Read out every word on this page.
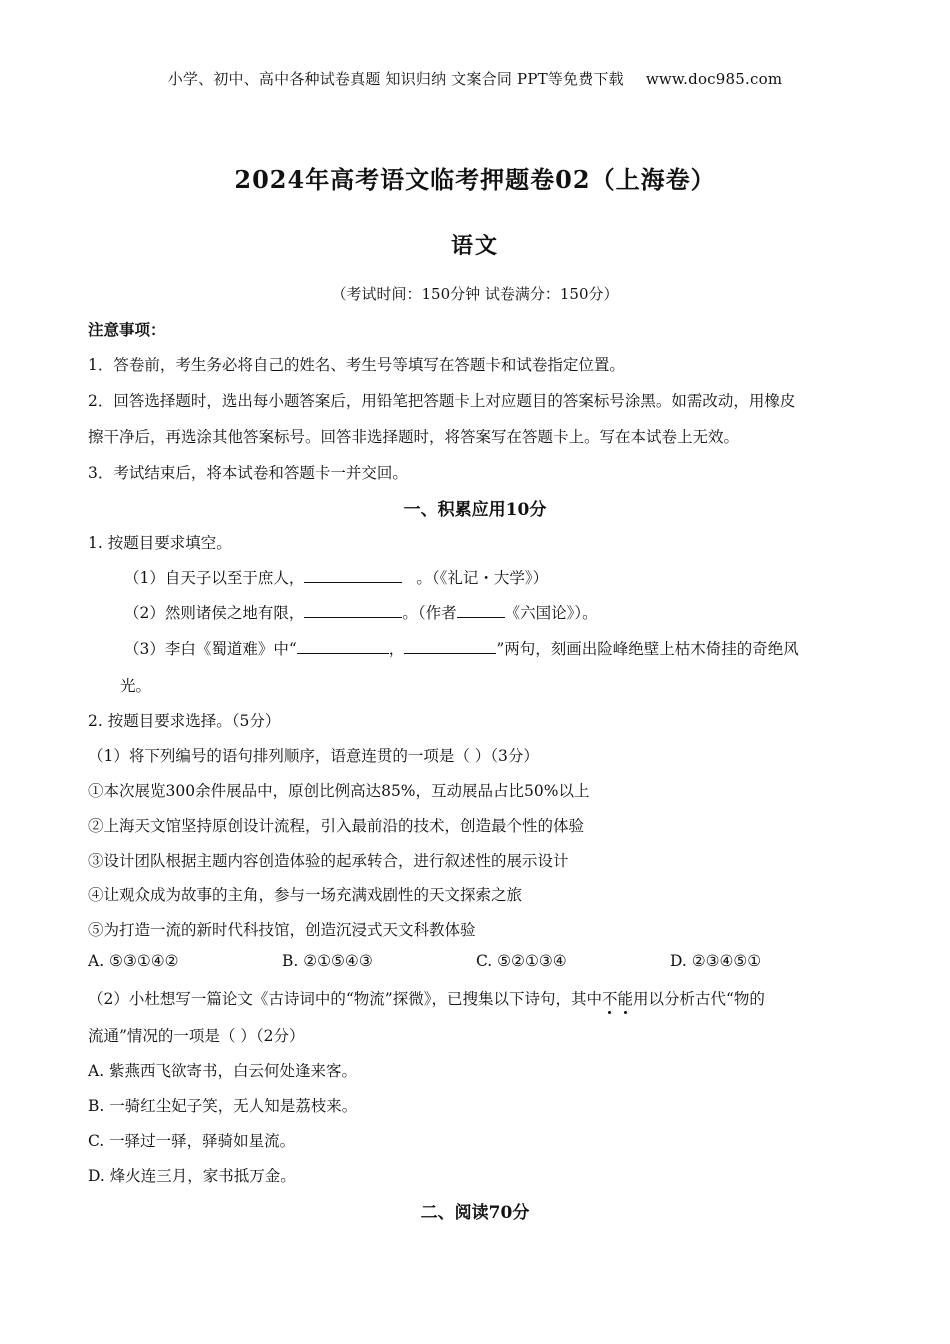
小学、初中、高中各种试卷真题 知识归纳 文案合同 PPT等免费下载 www.doc985.com
2024年高考语文临考押题卷02（上海卷）
语文
（考试时间：150分钟 试卷满分：150分）
注意事项：
1．答卷前，考生务必将自己的姓名、考生号等填写在答题卡和试卷指定位置。
2．回答选择题时，选出每小题答案后，用铅笔把答题卡上对应题目的答案标号涂黑。如需改动，用橡皮
擦干净后，再选涂其他答案标号。回答非选择题时，将答案写在答题卡上。写在本试卷上无效。
3．考试结束后，将本试卷和答题卡一并交回。
一、积累应用10分
1. 按题目要求填空。
（1）自天子以至于庶人，	。（《礼记・大学》）
（2）然则诸侯之地有限，	。（作者	《六国论》）。
（3）李白《蜀道难》中“	，	”两句，刻画出险峰绝壁上枯木倚挂的奇绝风
光。
2. 按题目要求选择。（5分）
（1）将下列编号的语句排列顺序，语意连贯的一项是（ ）（3分）
①本次展览300余件展品中，原创比例高达85%，互动展品占比50%以上
②上海天文馆坚持原创设计流程，引入最前沿的技术，创造最个性的体验
③设计团队根据主题内容创造体验的起承转合，进行叙述性的展示设计
④让观众成为故事的主角，参与一场充满戏剧性的天文探索之旅
⑤为打造一流的新时代科技馆，创造沉浸式天文科教体验
A. ⑤③①④②	B. ②①⑤④③	C. ⑤②①③④	D. ②③④⑤①
（2）小杜想写一篇论文《古诗词中的“物流”探微》，已搜集以下诗句，其中不能用以分析古代“物的
流通”情况的一项是（ ）（2分）
A. 紫燕西飞欲寄书，白云何处逢来客。
B. 一骑红尘妃子笑，无人知是荔枝来。
C. 一驿过一驿，驿骑如星流。
D. 烽火连三月，家书抵万金。
二、阅读70分
